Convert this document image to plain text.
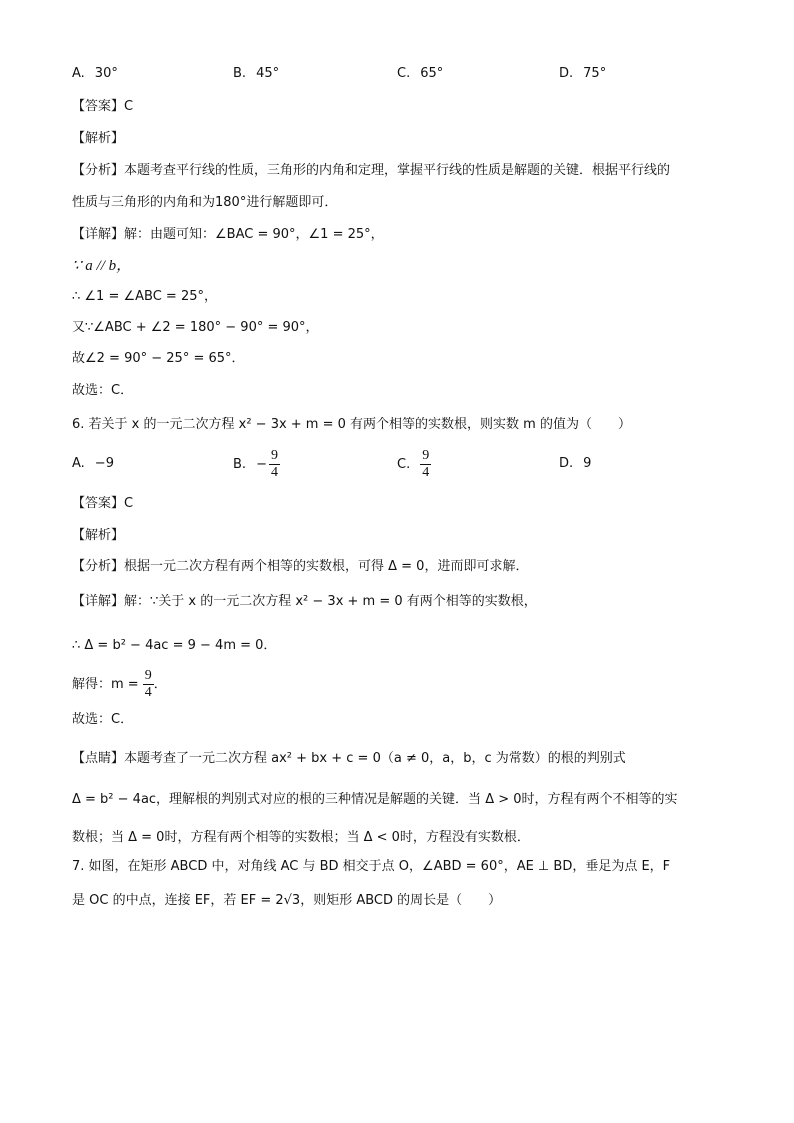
A. 30°	B. 45°	C. 65°	D. 75°
【答案】C
【解析】
【分析】本题考查平行线的性质，三角形的内角和定理，掌握平行线的性质是解题的关键．根据平行线的
性质与三角形的内角和为180°进行解题即可．
【详解】解：由题可知：∠BAC = 90°，∠1 = 25°，
∵ a // b，
∴ ∠1 = ∠ABC = 25°，
又∵∠ABC + ∠2 = 180° − 90° = 90°，
故∠2 = 90° − 25° = 65°．
故选：C．
6. 若关于 x 的一元二次方程 x² − 3x + m = 0 有两个相等的实数根，则实数 m 的值为（　　）
A. −9	B. − $\frac{9}{4}$	C. $\frac{9}{4}$	D. 9
【答案】C
【解析】
【分析】根据一元二次方程有两个相等的实数根，可得 Δ = 0，进而即可求解．
【详解】解：∵关于 x 的一元二次方程 x² − 3x + m = 0 有两个相等的实数根，
∴ Δ = b² − 4ac = 9 − 4m = 0．
解得：$m = \frac{9}{4}$ ．
故选：C．
【点睛】本题考查了一元二次方程 ax² + bx + c = 0（a ≠ 0，a，b，c 为常数）的根的判别式
Δ = b² − 4ac，理解根的判别式对应的根的三种情况是解题的关键．当 Δ > 0时，方程有两个不相等的实
数根；当 Δ = 0时，方程有两个相等的实数根；当 Δ < 0时，方程没有实数根．
7. 如图，在矩形 ABCD 中，对角线 AC 与 BD 相交于点 O，∠ABD = 60°，AE ⊥ BD，垂足为点 E，F
是 OC 的中点，连接 EF，若 EF = 2√3，则矩形 ABCD 的周长是（　　）
